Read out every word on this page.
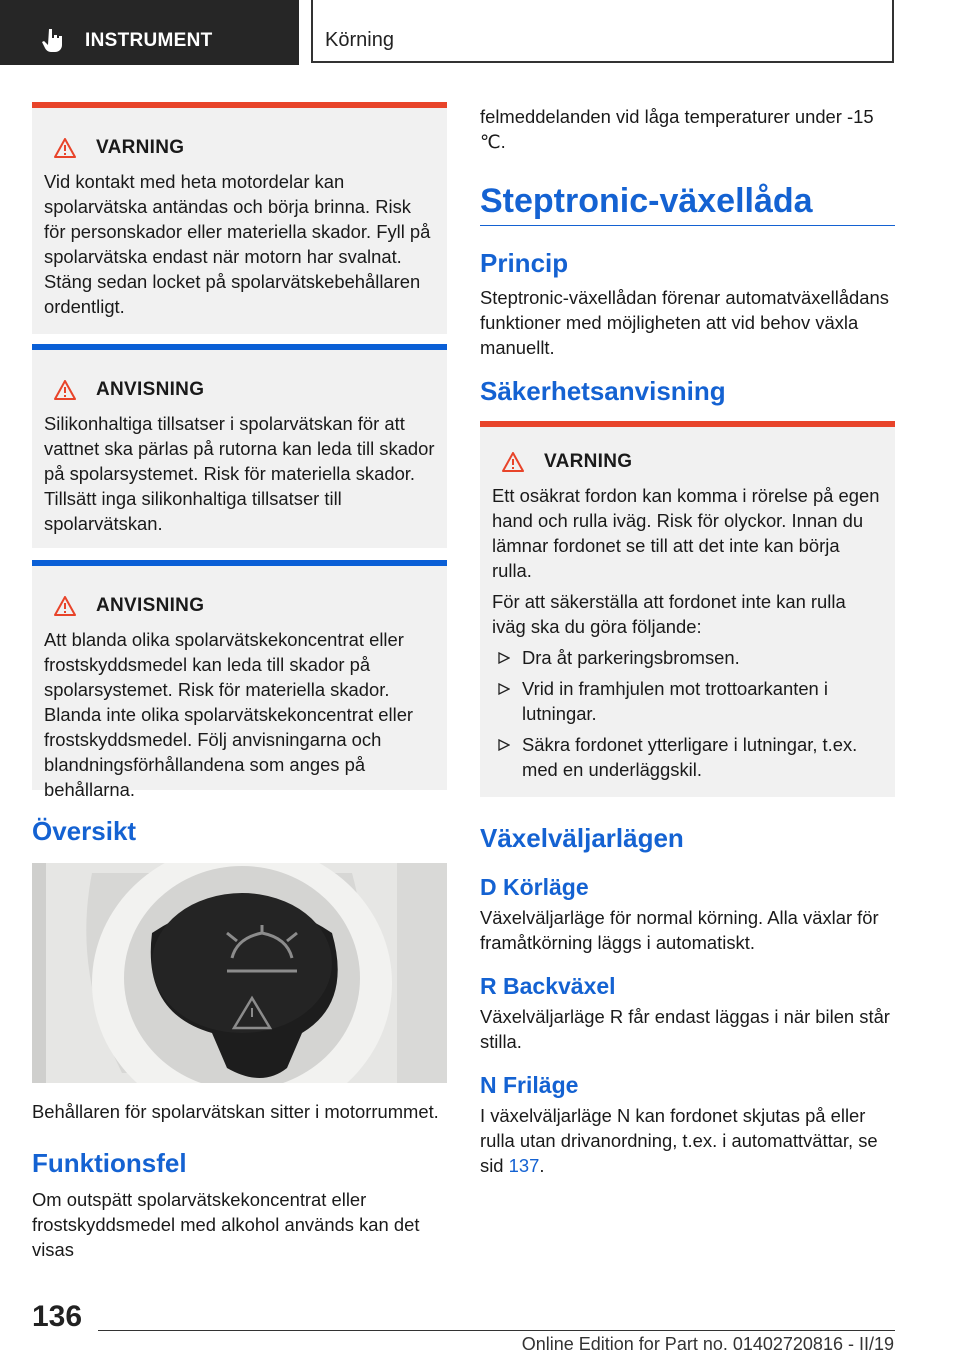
INSTRUMENT	Körning
VARNING

Vid kontakt med heta motordelar kan spolarvätska antändas och börja brinna. Risk för personskador eller materiella skador. Fyll på spolarvätska endast när motorn har svalnat. Stäng sedan locket på spolarvätskebehållaren ordentligt.

ANVISNING

Silikonhaltiga tillsatser i spolarvätskan för att vattnet ska pärlas på rutorna kan leda till skador på spolarsystemet. Risk för materiella skador. Tillsätt inga silikonhaltiga tillsatser till spolarvätskan.

ANVISNING

Att blanda olika spolarvätskekoncentrat eller frostskyddsmedel kan leda till skador på spolarsystemet. Risk för materiella skador. Blanda inte olika spolarvätskekoncentrat eller frostskyddsmedel. Följ anvisningarna och blandningsförhållandena som anges på behållarna.

Översikt

Behållaren för spolarvätskan sitter i motorrummet.

Funktionsfel

Om outspätt spolarvätskekoncentrat eller frostskyddsmedel med alkohol används kan det visas

felmeddelanden vid låga temperaturer under -15 ℃.

Steptronic-växellåda
Princip

Steptronic-växellådan förenar automatväxellådans funktioner med möjligheten att vid behov växla manuellt.

Säkerhetsanvisning
VARNING

Ett osäkrat fordon kan komma i rörelse på egen hand och rulla iväg. Risk för olyckor. Innan du lämnar fordonet se till att det inte kan börja rulla.

För att säkerställa att fordonet inte kan rulla iväg ska du göra följande:

Dra åt parkeringsbromsen.
Vrid in framhjulen mot trottoarkanten i lutningar.
Säkra fordonet ytterligare i lutningar, t.ex. med en underläggskil.
Växelväljarlägen
D Körläge

Växelväljarläge för normal körning. Alla växlar för framåtkörning läggs i automatiskt.

R Backväxel

Växelväljarläge R får endast läggas i när bilen står stilla.

N Friläge

I växelväljarläge N kan fordonet skjutas på eller rulla utan drivanordning, t.ex. i automattvättar, se sid 137.

136
Online Edition for Part no. 01402720816 - II/19
